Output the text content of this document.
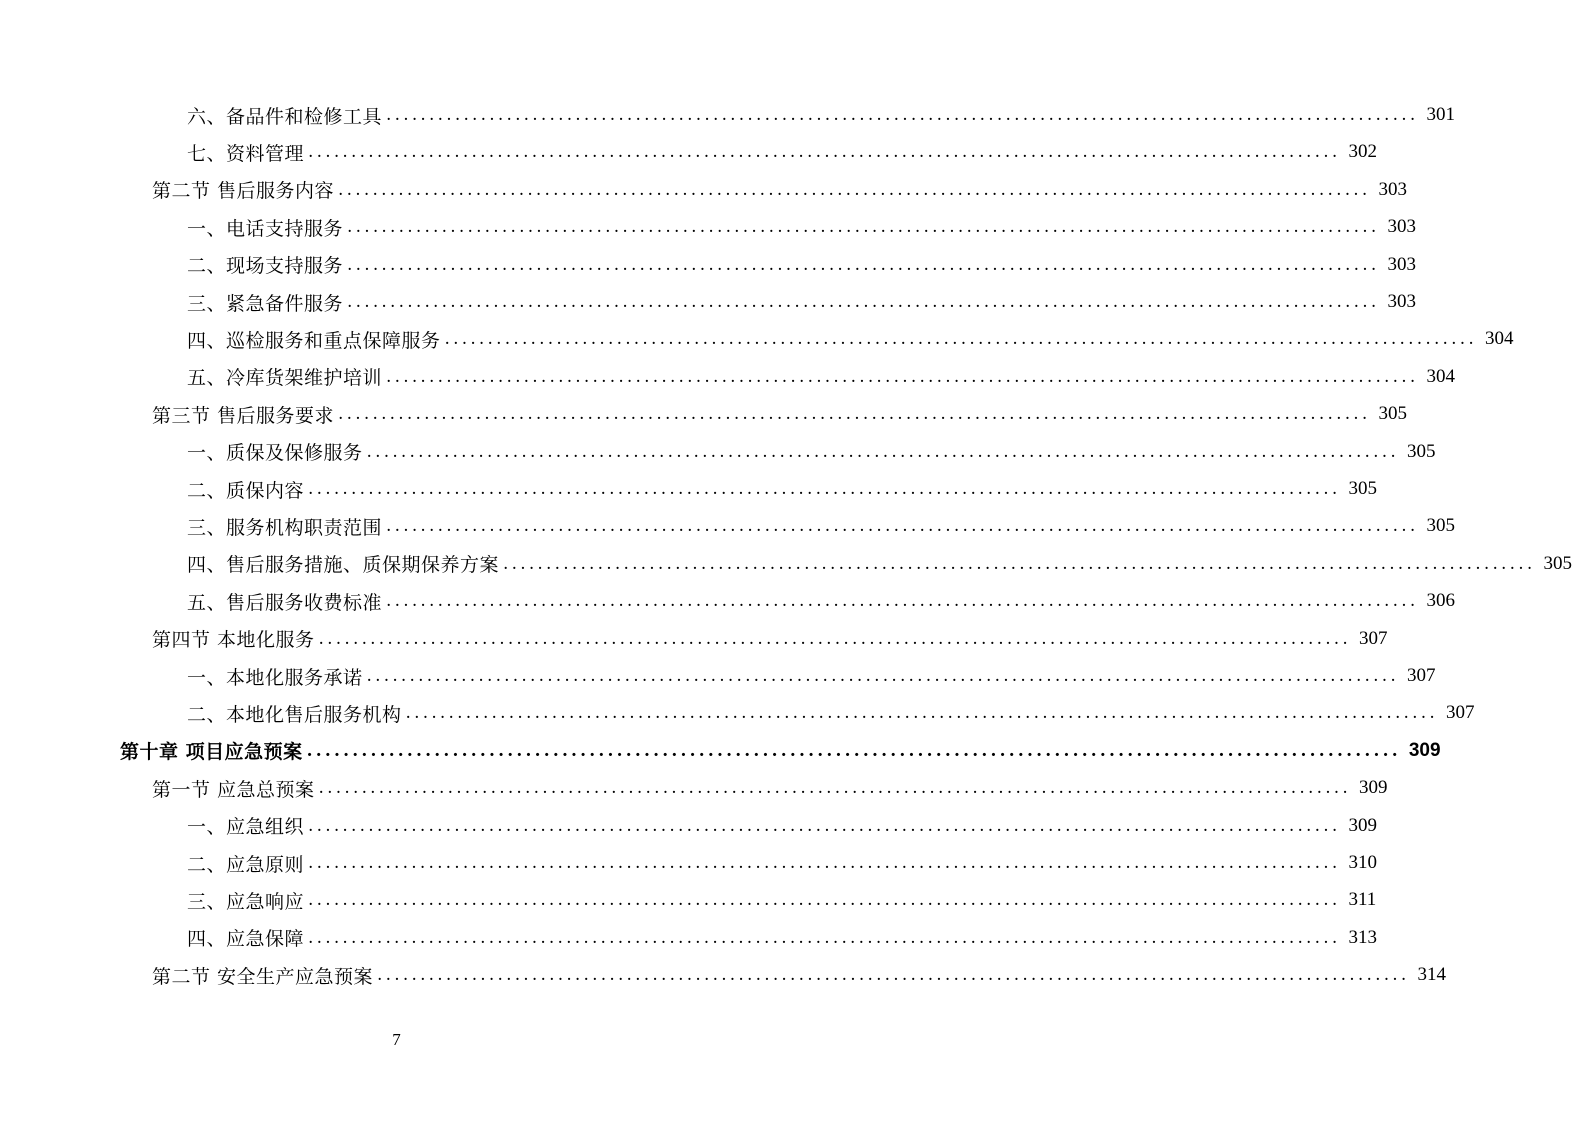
六、备品件和检修工具 ........................................................................................................................ 301
七、资料管理 ........................................................................................................................ 302
第二节 售后服务内容 ........................................................................................................................ 303
一、电话支持服务 ........................................................................................................................ 303
二、现场支持服务 ........................................................................................................................ 303
三、紧急备件服务 ........................................................................................................................ 303
四、巡检服务和重点保障服务 ........................................................................................................................ 304
五、冷库货架维护培训 ........................................................................................................................ 304
第三节 售后服务要求 ........................................................................................................................ 305
一、质保及保修服务 ........................................................................................................................ 305
二、质保内容 ........................................................................................................................ 305
三、服务机构职责范围 ........................................................................................................................ 305
四、售后服务措施、质保期保养方案 ........................................................................................................................ 305
五、售后服务收费标准 ........................................................................................................................ 306
第四节 本地化服务 ........................................................................................................................ 307
一、本地化服务承诺 ........................................................................................................................ 307
二、本地化售后服务机构 ........................................................................................................................ 307
第十章 项目应急预案 ........................................................................................................................ 309
第一节 应急总预案 ........................................................................................................................ 309
一、应急组织 ........................................................................................................................ 309
二、应急原则 ........................................................................................................................ 310
三、应急响应 ........................................................................................................................ 311
四、应急保障 ........................................................................................................................ 313
第二节 安全生产应急预案 ........................................................................................................................ 314
7
